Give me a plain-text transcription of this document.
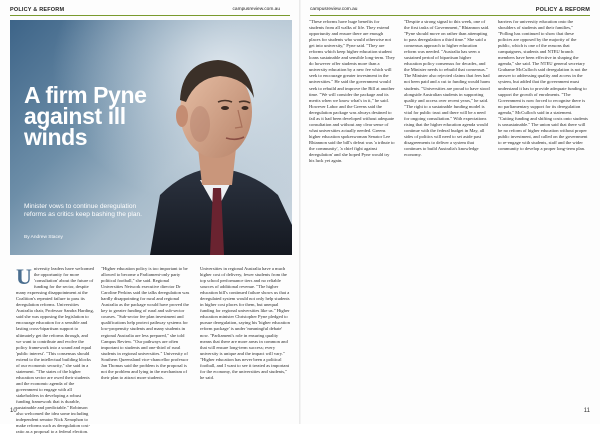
POLICY & REFORM	campusreview.com.au	campusreview.com.au	POLICY & REFORM
A firm Pyne against ill winds
Minister vows to continue deregulation reforms as critics keep bashing the plan.
By Andrew Stacey
U niversity leaders have welcomed the opportunity for more 'consultation' about the future of funding for the sector, despite many expressing disappointment at the Coalition's repeated failure to pass its deregulation reforms. Universities Australia chair, Professor Sandra Harding, said she was opposing the legislation to encourage education for a sensible and lasting cross-bipartisan support to ultimately get the reforms through, and we want to contribute and evolve the policy framework into a sound and equal 'public interest'. "This consensus should extend to the intellectual building blocks of our economic security," she said in a statement. "The states of the higher education sector are owed their students and the economic agenda of the government to engage with all stakeholders in developing a robust funding framework that is durable, sustainable and predictable." Robinson also welcomed the idea some including independent senator Nick Xenophon to make reforms such as deregulation cost-ratio as a proposal to a federal election.
"Higher education policy is too important to be allowed to become a Parliament-only party political football," she said. Regional Universities Network executive director Dr Caroline Perkins said the talks deregulation was hardly disappointing for rural and regional Australia as the package would have proved the key to greater funding of rural and sub-sector courses. "Sub-sector fee plan investment and qualifications help protect pathway systems for low-propensity students and many students in regional Australia are less prepared," she told Campus Review. "Our pathways are often important to students and one-third of rural students in regional universities." University of Southern Queensland vice-chancellor professor Jan Thomas said the problem is the proposal is not the problem and lying in the mechanism of their plan to attract more students.
Universities in regional Australia have a much higher cost of delivery, fewer students from the top school performance tiers and no reliable sources of additional revenue. "The higher education bill's continued failure shows us that a deregulated system would not only help students in higher cost places for them, but unequal funding for regional universities like us." Higher education minister Christopher Pyne pledged to pursue deregulation, saying his 'higher education reform package' is under 'meaningful debate' now. "Parliament's role in ensuring quality means that there are more areas in common and that will ensure long-term success; every university is unique and the impact will vary." "Higher education has never been a political football, and I want to see it treated as important for the economy, the universities and students," he said.
"These reforms have huge benefits for students from all walks of life. They extend opportunity and ensure there are enough places for students who would otherwise not get into university," Pyne said. "They are reforms which keep higher education student loans sustainable and sensible long-term. They do however offer students more than a university education by a new fee which will seek to encourage greater investment in the universities." He said the government would seek to rebuild and improve the Bill at another time. "We will consider the package and its merits when we know what's in it," he said. However Labor and the Greens said the deregulation package was always destined to fail as it had been developed without adequate consultation and without any clear sense of what universities actually needed. Greens higher education spokeswoman Senator Lee Rhiannon said the bill's defeat was 'a tribute to the community', 'a chief fight against deregulation' and she hoped Pyne would try his luck yet again.
"Despite a strong signal to this week, one of the first tasks of Government," Rhiannon said. "Pyne should move on rather than attempting to pass deregulation a third time." She said a consensus approach to higher education reform was needed. "Australia has seen a sustained period of bipartisan higher education policy consensus for decades, and the Minister needs to rebuild that consensus." The Minister also rejected claims that fees had not been paid and a cut to funding would harm students. "Universities are proud to have stood alongside Australian students in supporting quality and access over recent years," he said. "The right to a sustainable funding model is vital for public trust and there will be a need for ongoing consultation." With expectations rising that the higher education agenda would continue with the federal budget in May, all sides of politics will need to set aside past disagreements to deliver a system that continues to build Australia's knowledge economy.
barriers for university education onto the shoulders of students and their families," "Polling has continued to show that these policies are opposed by the majority of the public, which is one of the reasons that campaigners, students and NTEU branch members have been effective in shaping the agenda," she said. The NTEU general secretary Grahame McCulloch said deregulation is not the answer to addressing quality and access in the system, but added that the government must understand it has to provide adequate funding to support the growth of enrolments. "The Government is now forced to recognise there is no parliamentary support for its deregulation agenda," McCulloch said in a statement. "Cutting funding and shifting costs onto students is unsustainable." The union said that there will be no reform of higher education without proper public investment, and called on the government to re-engage with students, staff and the wider community to develop a proper long-term plan.
10	11
